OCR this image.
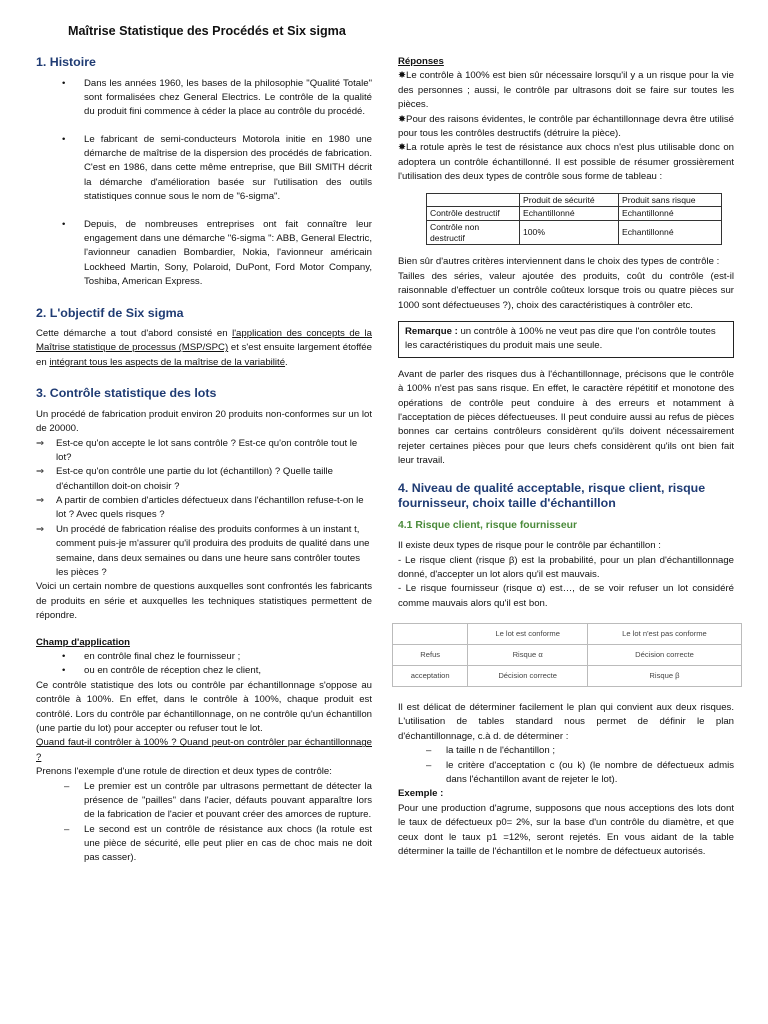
Maîtrise Statistique des Procédés et Six sigma
1. Histoire
• Dans les années 1960, les bases de la philosophie "Qualité Totale" sont formalisées chez General Electrics. Le contrôle de la qualité du produit fini commence à céder la place au contrôle du procédé.
• Le fabricant de semi-conducteurs Motorola initie en 1980 une démarche de maîtrise de la dispersion des procédés de fabrication. C'est en 1986, dans cette même entreprise, que Bill SMITH décrit la démarche d'amélioration basée sur l'utilisation des outils statistiques connue sous le nom de "6-sigma".
• Depuis, de nombreuses entreprises ont fait connaître leur engagement dans une démarche "6-sigma ": ABB, General Electric, l'avionneur canadien Bombardier, Nokia, l'avionneur américain Lockheed Martin, Sony, Polaroid, DuPont, Ford Motor Company, Toshiba, American Express.
2. L'objectif de Six sigma

Cette démarche a tout d'abord consisté en l'application des concepts de la Maîtrise statistique de processus (MSP/SPC) et s'est ensuite largement étoffée en intégrant tous les aspects de la maîtrise de la variabilité.

3. Contrôle statistique des lots

Un procédé de fabrication produit environ 20 produits non-conformes sur un lot de 20000.

⇒ Est-ce qu'on accepte le lot sans contrôle ? Est-ce qu'on contrôle tout le lot?
⇒ Est-ce qu'on contrôle une partie du lot (échantillon) ? Quelle taille d'échantillon doit-on choisir ?
⇒ A partir de combien d'articles défectueux dans l'échantillon refuse-t-on le lot ? Avec quels risques ?
⇒ Un procédé de fabrication réalise des produits conformes à un instant t, comment puis-je m'assurer qu'il produira des produits de qualité dans une semaine, dans deux semaines ou dans une heure sans contrôler toutes les pièces ?

Voici un certain nombre de questions auxquelles sont confrontés les fabricants de produits en série et auxquelles les techniques statistiques permettent de répondre.

Champ d'application

• en contrôle final chez le fournisseur ;
• ou en contrôle de réception chez le client,

Ce contrôle statistique des lots ou contrôle par échantillonnage s'oppose au contrôle à 100%. En effet, dans le contrôle à 100%, chaque produit est contrôlé. Lors du contrôle par échantillonnage, on ne contrôle qu'un échantillon (une partie du lot) pour accepter ou refuser tout le lot.

Quand faut-il contrôler à 100% ? Quand peut-on contrôler par échantillonnage ?

Prenons l'exemple d'une rotule de direction et deux types de contrôle:

– Le premier est un contrôle par ultrasons permettant de détecter la présence de "pailles" dans l'acier, défauts pouvant apparaître lors de la fabrication de l'acier et pouvant créer des amorces de rupture.
– Le second est un contrôle de résistance aux chocs (la rotule est une pièce de sécurité, elle peut plier en cas de choc mais ne doit pas casser).

Réponses

✸Le contrôle à 100% est bien sûr nécessaire lorsqu'il y a un risque pour la vie des personnes ; aussi, le contrôle par ultrasons doit se faire sur toutes les pièces.
✸Pour des raisons évidentes, le contrôle par échantillonnage devra être utilisé pour tous les contrôles destructifs (détruire la pièce).
✸La rotule après le test de résistance aux chocs n'est plus utilisable donc on adoptera un contrôle échantillonné. Il est possible de résumer grossièrement l'utilisation des deux types de contrôle sous forme de tableau :
	Produit de sécurité	Produit sans risque
Contrôle destructif	Echantillonné	Echantillonné
Contrôle non destructif	100%	Echantillonné

Bien sûr d'autres critères interviennent dans le choix des types de contrôle :

Tailles des séries, valeur ajoutée des produits, coût du contrôle (est-il raisonnable d'effectuer un contrôle coûteux lorsque trois ou quatre pièces sur 1000 sont défectueuses ?), choix des caractéristiques à contrôler etc.

Remarque : un contrôle à 100% ne veut pas dire que l'on contrôle toutes les caractéristiques du produit mais une seule.

Avant de parler des risques dus à l'échantillonnage, précisons que le contrôle à 100% n'est pas sans risque. En effet, le caractère répétitif et monotone des opérations de contrôle peut conduire à des erreurs et notamment à l'acceptation de pièces défectueuses. Il peut conduire aussi au refus de pièces bonnes car certains contrôleurs considèrent qu'ils doivent nécessairement rejeter certaines pièces pour que leurs chefs considèrent qu'ils ont bien fait leur travail.

4. Niveau de qualité acceptable, risque client, risque fournisseur, choix taille d'échantillon
4.1 Risque client, risque fournisseur

Il existe deux types de risque pour le contrôle par échantillon :

- Le risque client (risque β) est la probabilité, pour un plan d'échantillonnage donné, d'accepter un lot alors qu'il est mauvais.

- Le risque fournisseur (risque α) est…, de se voir refuser un lot considéré comme mauvais alors qu'il est bon.

	Le lot est conforme	Le lot n'est pas conforme
Refus	Risque α	Décision correcte
acceptation	Décision correcte	Risque β

Il est délicat de déterminer facilement le plan qui convient aux deux risques. L'utilisation de tables standard nous permet de définir le plan d'échantillonnage, c.à d. de déterminer :

– la taille n de l'échantillon ;
– le critère d'acceptation c (ou k) (le nombre de défectueux admis dans l'échantillon avant de rejeter le lot).

Exemple :

Pour une production d'agrume, supposons que nous acceptions des lots dont le taux de défectueux p0= 2%, sur la base d'un contrôle du diamètre, et que ceux dont le taux p1 =12%, seront rejetés. En vous aidant de la table déterminer la taille de l'échantillon et le nombre de défectueux autorisés.
